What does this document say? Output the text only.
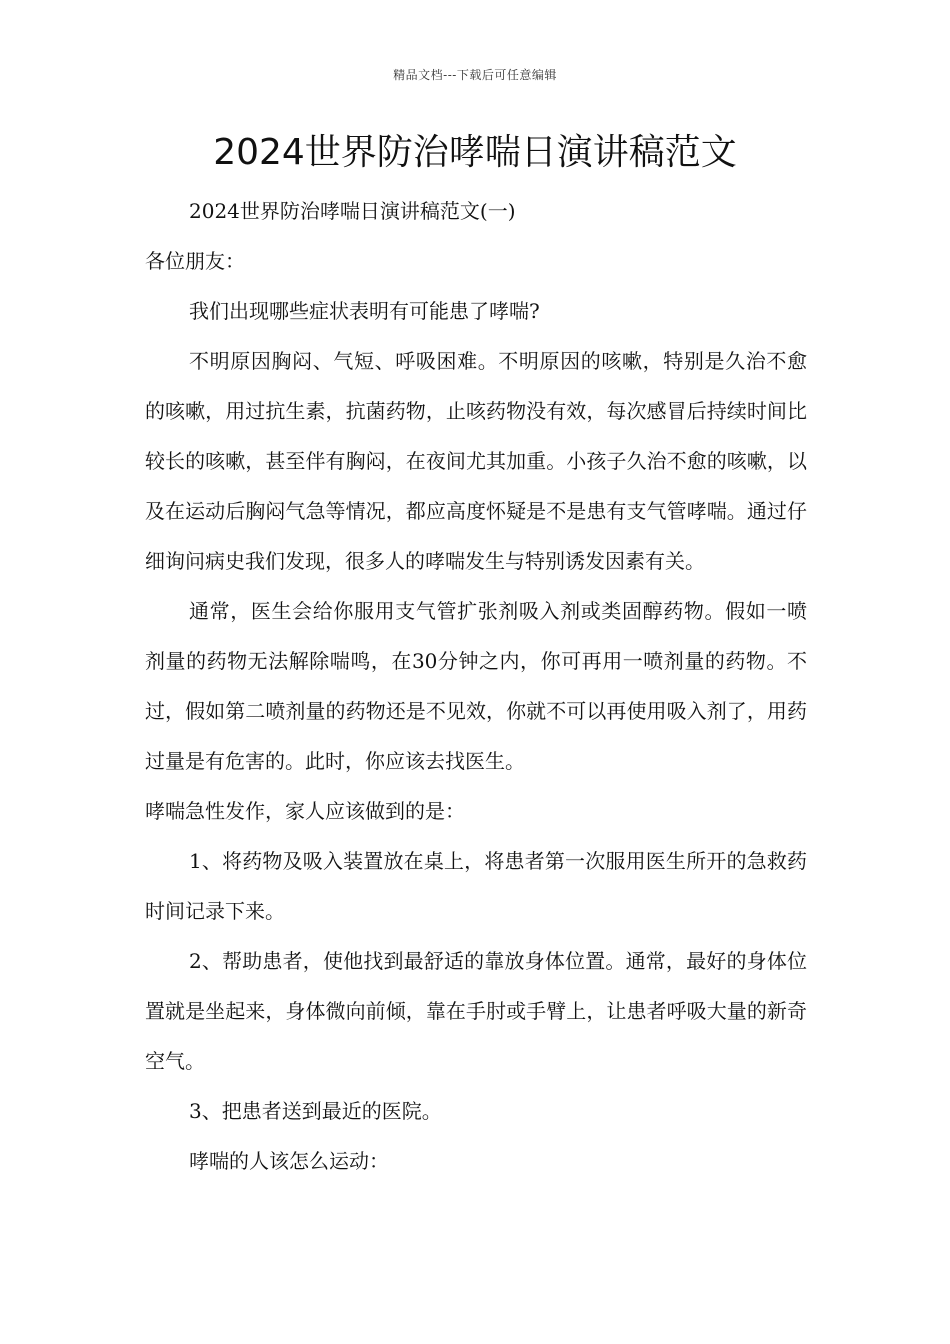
精品文档---下载后可任意编辑
2024世界防治哮喘日演讲稿范文

2024世界防治哮喘日演讲稿范文(一)

各位朋友：

我们出现哪些症状表明有可能患了哮喘?

不明原因胸闷、气短、呼吸困难。不明原因的咳嗽，特别是久治不愈的咳嗽，用过抗生素，抗菌药物，止咳药物没有效，每次感冒后持续时间比较长的咳嗽，甚至伴有胸闷，在夜间尤其加重。小孩子久治不愈的咳嗽，以及在运动后胸闷气急等情况，都应高度怀疑是不是患有支气管哮喘。通过仔细询问病史我们发现，很多人的哮喘发生与特别诱发因素有关。

通常，医生会给你服用支气管扩张剂吸入剂或类固醇药物。假如一喷剂量的药物无法解除喘鸣，在30分钟之内，你可再用一喷剂量的药物。不过，假如第二喷剂量的药物还是不见效，你就不可以再使用吸入剂了，用药过量是有危害的。此时，你应该去找医生。

哮喘急性发作，家人应该做到的是：

1、将药物及吸入装置放在桌上，将患者第一次服用医生所开的急救药时间记录下来。

2、帮助患者，使他找到最舒适的靠放身体位置。通常，最好的身体位置就是坐起来，身体微向前倾，靠在手肘或手臂上，让患者呼吸大量的新奇空气。

3、把患者送到最近的医院。

哮喘的人该怎么运动：
